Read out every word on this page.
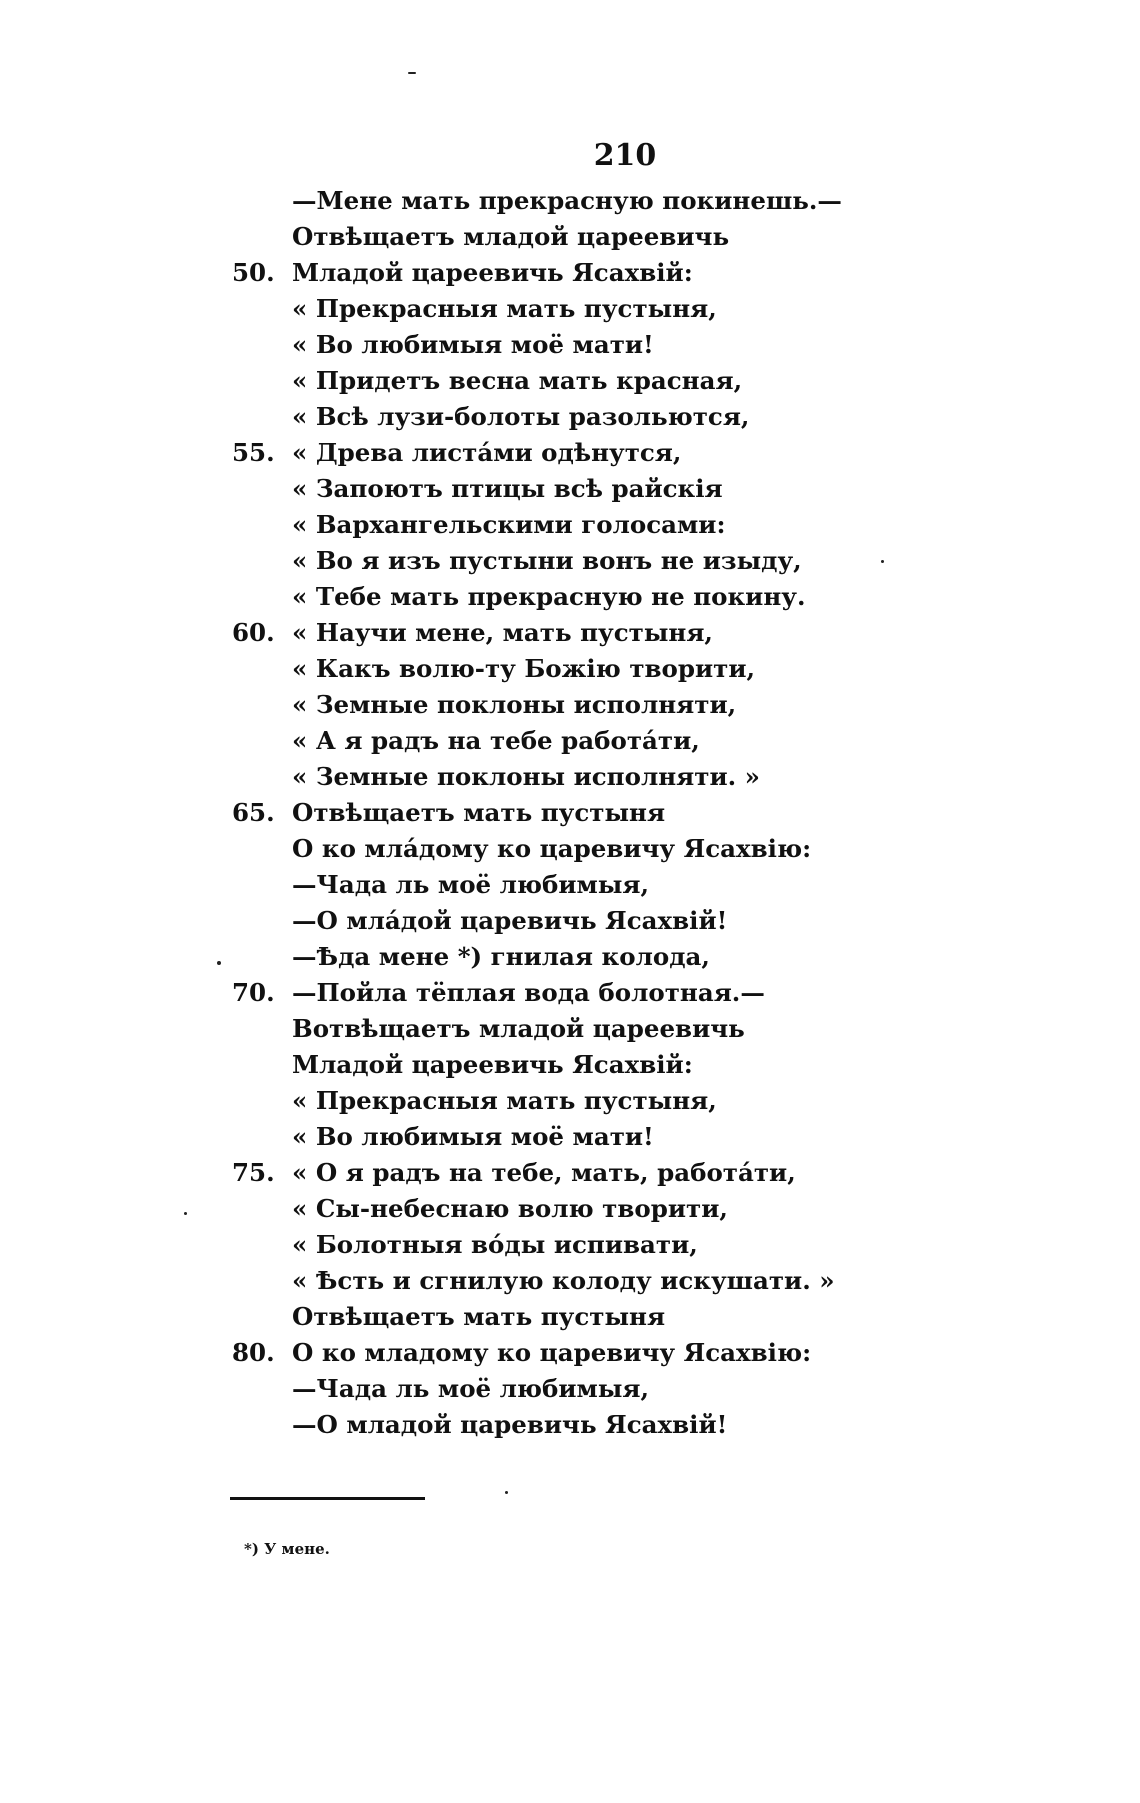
210
—Мене мать прекрасную покинешь.—
Отвѣщаетъ младой цареевичь
50. Младой цареевичь Ясахвій:
« Прекрасныя мать пустыня,
« Во любимыя моё мати!
« Придетъ весна мать красная,
« Всѣ лузи-болоты разольются,
55. « Древа листáми одѣнутся,
« Запоютъ птицы всѣ райскія
« Вархангельскими голосами:
« Во я изъ пустыни вонъ не изыду,
« Тебе мать прекрасную не покину.
60. « Научи мене, мать пустыня,
« Какъ волю-ту Божію творити,
« Земные поклоны исполняти,
« А я радъ на тебе работáти,
« Земные поклоны исполняти. »
65. Отвѣщаетъ мать пустыня
О ко млáдому ко царевичу Ясахвію:
—Чада ль моё любимыя,
—О млáдой царевичь Ясахвій!
—Ѣда мене *) гнилая колода,
70. —Пойла тёплая вода болотная.—
Вотвѣщаетъ младой цареевичь
Младой цареевичь Ясахвій:
« Прекрасныя мать пустыня,
« Во любимыя моё мати!
75. « О я радъ на тебе, мать, работáти,
« Сы-небеснаю волю творити,
« Болотныя вóды испивати,
« Ѣсть и сгнилую колоду искушати. »
Отвѣщаетъ мать пустыня
80. О ко младому ко царевичу Ясахвію:
—Чада ль моё любимыя,
—О младой царевичь Ясахвій!
*) У мене.
